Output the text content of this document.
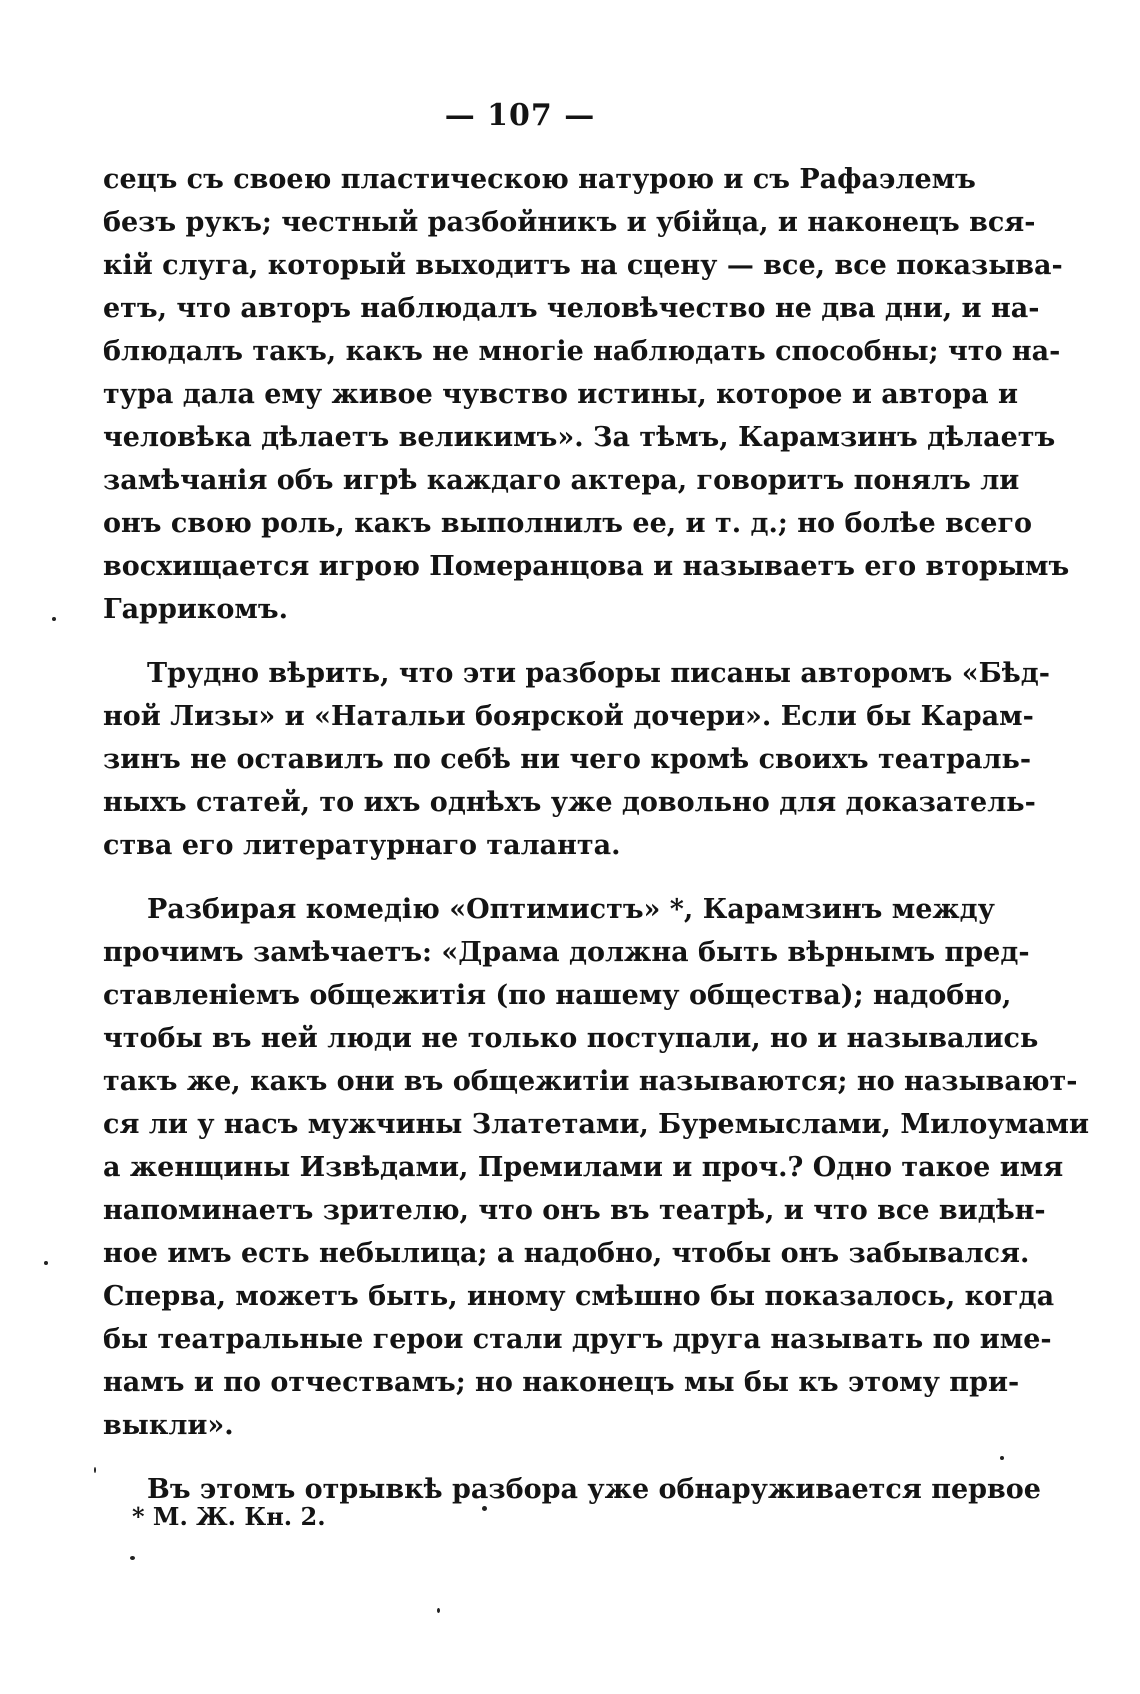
— 107 —
сецъ съ своею пластическою натурою и съ Рафаэлемъ
безъ рукъ; честный разбойникъ и убійца, и наконецъ вся-
кій слуга, который выходитъ на сцену — все, все показыва-
етъ, что авторъ наблюдалъ человѣчество не два дни, и на-
блюдалъ такъ, какъ не многіе наблюдать способны; что на-
тура дала ему живое чувство истины, которое и автора и
человѣка дѣлаетъ великимъ». За тѣмъ, Карамзинъ дѣлаетъ
замѣчанія объ игрѣ каждаго актера, говоритъ понялъ ли
онъ свою роль, какъ выполнилъ ее, и т. д.; но болѣе всего
восхищается игрою Померанцова и называетъ его вторымъ
Гаррикомъ.
Трудно вѣрить, что эти разборы писаны авторомъ «Бѣд-
ной Лизы» и «Натальи боярской дочери». Если бы Карам-
зинъ не оставилъ по себѣ ни чего кромѣ своихъ театраль-
ныхъ статей, то ихъ однѣхъ уже довольно для доказатель-
ства его литературнаго таланта.
Разбирая комедію «Оптимистъ» *, Карамзинъ между
прочимъ замѣчаетъ: «Драма должна быть вѣрнымъ пред-
ставленіемъ общежитія (по нашему общества); надобно,
чтобы въ ней люди не только поступали, но и назывались
такъ же, какъ они въ общежитіи называются; но называют-
ся ли у насъ мужчины Златетами, Буремыслами, Милоумами
а женщины Извѣдами, Премилами и проч.? Одно такое имя
напоминаетъ зрителю, что онъ въ театрѣ, и что все видѣн-
ное имъ есть небылица; а надобно, чтобы онъ забывался.
Сперва, можетъ быть, иному смѣшно бы показалось, когда
бы театральные герои стали другъ друга называть по име-
намъ и по отчествамъ; но наконецъ мы бы къ этому при-
выкли».
Въ этомъ отрывкѣ разбора уже обнаруживается первое
* М. Ж. Кн. 2.
